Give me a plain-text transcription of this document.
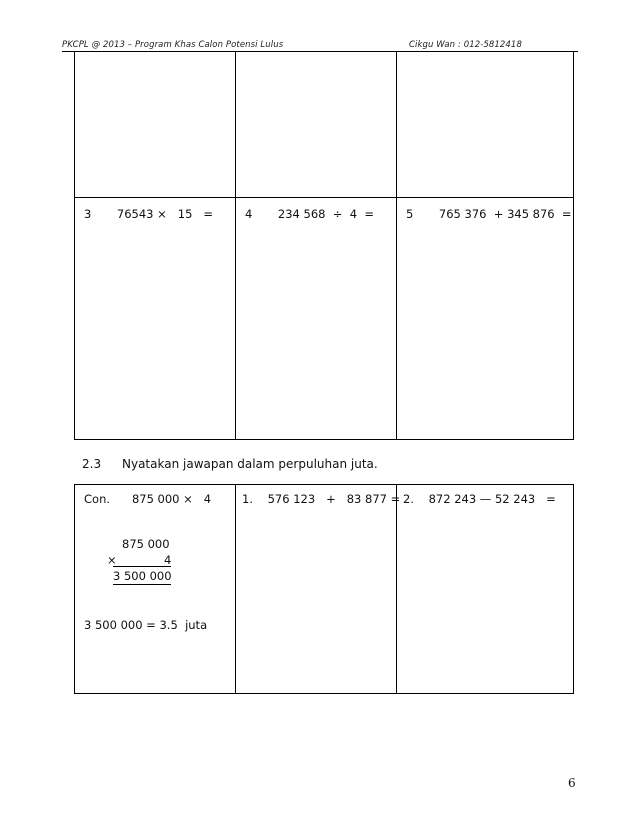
PKCPL @ 2013 – Program Khas Calon Potensi Lulus	Cikgu Wan : 012-5812418

3       76543 ×   15   =	4       234 568  ÷  4  =	5       765 376  + 345 876  =
2.3 Nyatakan jawapan dalam perpuluhan juta.
Con.      875 000 ×   4
875 000
×	4
3 500 000
3 500 000 = 3.5  juta

1.    576 123   +   83 877 =	2.    872 243 — 52 243   =
6
